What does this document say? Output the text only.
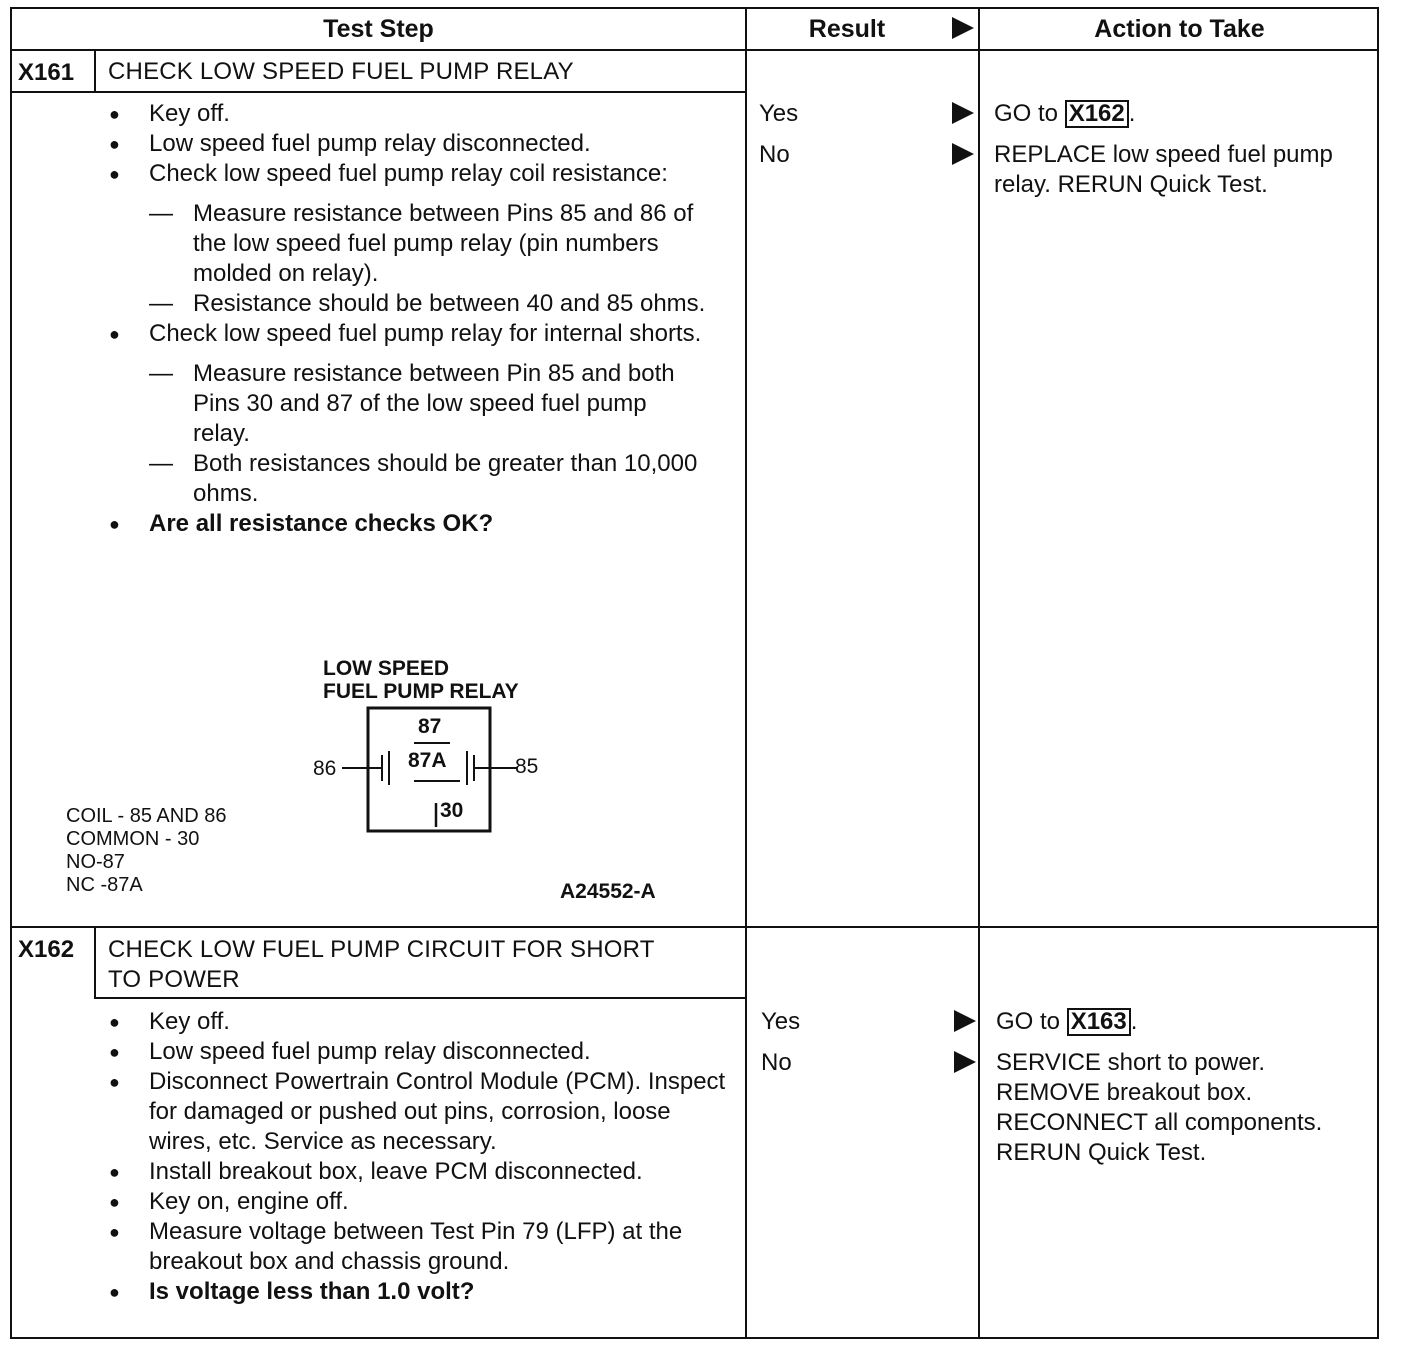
Test Step	Result	Action to Take
X161 CHECK LOW SPEED FUEL PUMP RELAY
● Key off.
● Low speed fuel pump relay disconnected.
● Check low speed fuel pump relay coil resistance:
— Measure resistance between Pins 85 and 86 of the low speed fuel pump relay (pin numbers molded on relay).
— Resistance should be between 40 and 85 ohms.
● Check low speed fuel pump relay for internal shorts.
— Measure resistance between Pin 85 and both Pins 30 and 87 of the low speed fuel pump relay.
— Both resistances should be greater than 10,000 ohms.
● Are all resistance checks OK?
Yes	GO to X162 .
No	REPLACE low speed fuel pump relay. RERUN Quick Test.
LOW SPEED
FUEL PUMP RELAY
87
87A
30
86	85
COIL - 85 AND 86
COMMON - 30
NO-87
NC -87A	A24552-A
X162 CHECK LOW FUEL PUMP CIRCUIT FOR SHORT
TO POWER
● Key off.
● Low speed fuel pump relay disconnected.
● Disconnect Powertrain Control Module (PCM). Inspect for damaged or pushed out pins, corrosion, loose wires, etc. Service as necessary.
● Install breakout box, leave PCM disconnected.
● Key on, engine off.
● Measure voltage between Test Pin 79 (LFP) at the breakout box and chassis ground.
● Is voltage less than 1.0 volt?
Yes	GO to X163 .
No	SERVICE short to power. REMOVE breakout box. RECONNECT all components. RERUN Quick Test.
